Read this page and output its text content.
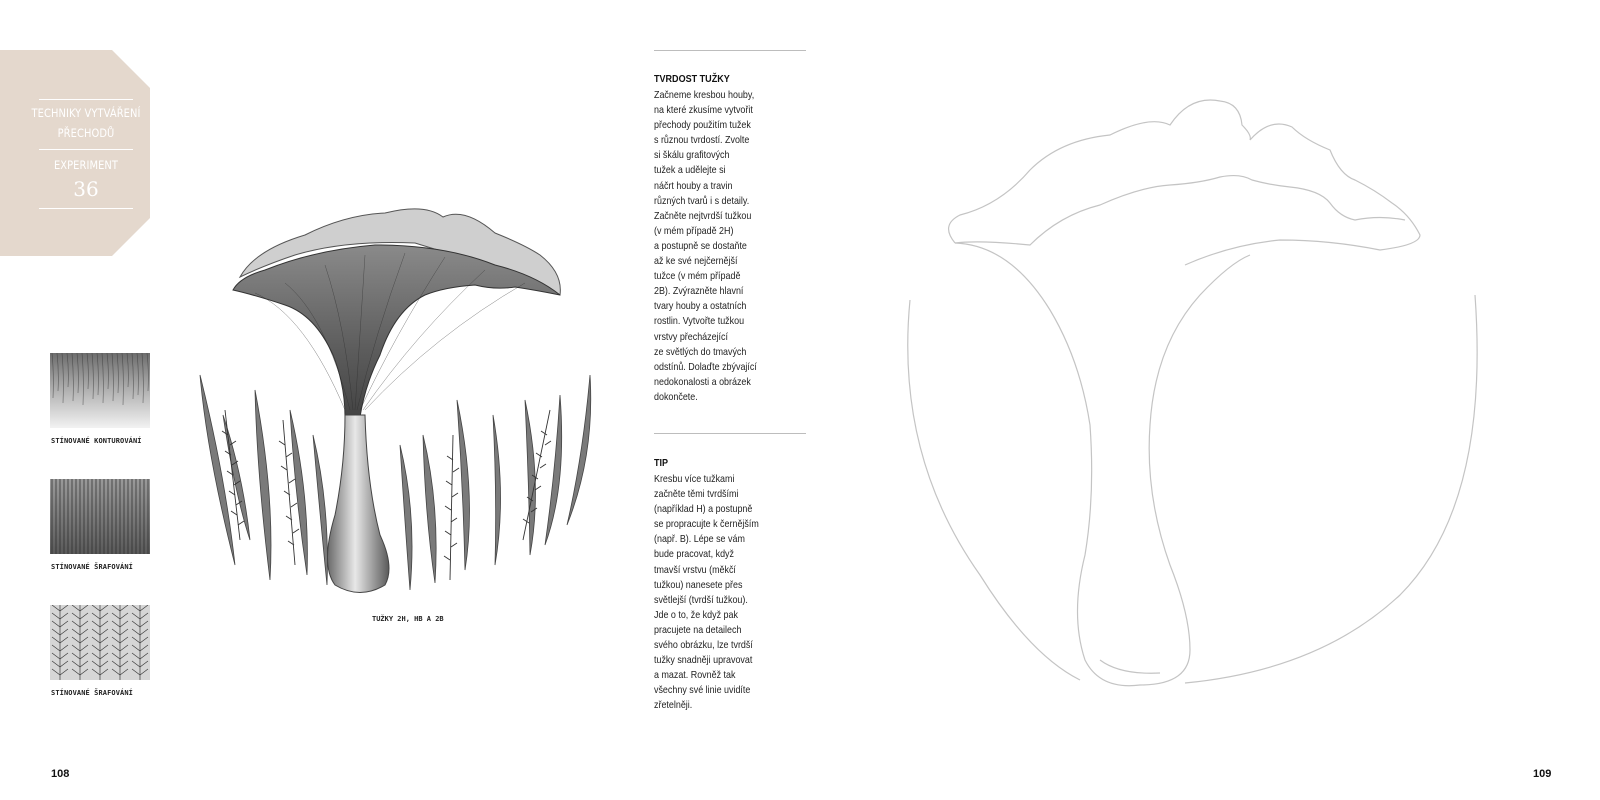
TECHNIKY VYTVÁŘENÍ
PŘECHODŮ
EXPERIMENT
36
STÍNOVANÉ KONTUROVÁNÍ
STÍNOVANÉ ŠRAFOVÁNÍ
STÍNOVANÉ ŠRAFOVÁNÍ
TUŽKY 2H, HB A 2B
TVRDOST TUŽKY
Začneme kresbou houby,
na které zkusíme vytvořit
přechody použitím tužek
s různou tvrdostí. Zvolte
si škálu grafitových
tužek a udělejte si
náčrt houby a travin
různých tvarů i s detaily.
Začněte nejtvrdší tužkou
(v mém případě 2H)
a postupně se dostaňte
až ke své nejčernější
tužce (v mém případě
2B). Zvýrazněte hlavní
tvary houby a ostatních
rostlin. Vytvořte tužkou
vrstvy přecházející
ze světlých do tmavých
odstínů. Dolaďte zbývající
nedokonalosti a obrázek
dokončete.
TIP
Kresbu více tužkami
začněte těmi tvrdšími
(například H) a postupně
se propracujte k černějším
(např. B). Lépe se vám
bude pracovat, když
tmavší vrstvu (měkčí
tužkou) nanesete přes
světlejší (tvrdší tužkou).
Jde o to, že když pak
pracujete na detailech
svého obrázku, lze tvrdší
tužky snadněji upravovat
a mazat. Rovněž tak
všechny své linie uvidíte
zřetelněji.
108	109
